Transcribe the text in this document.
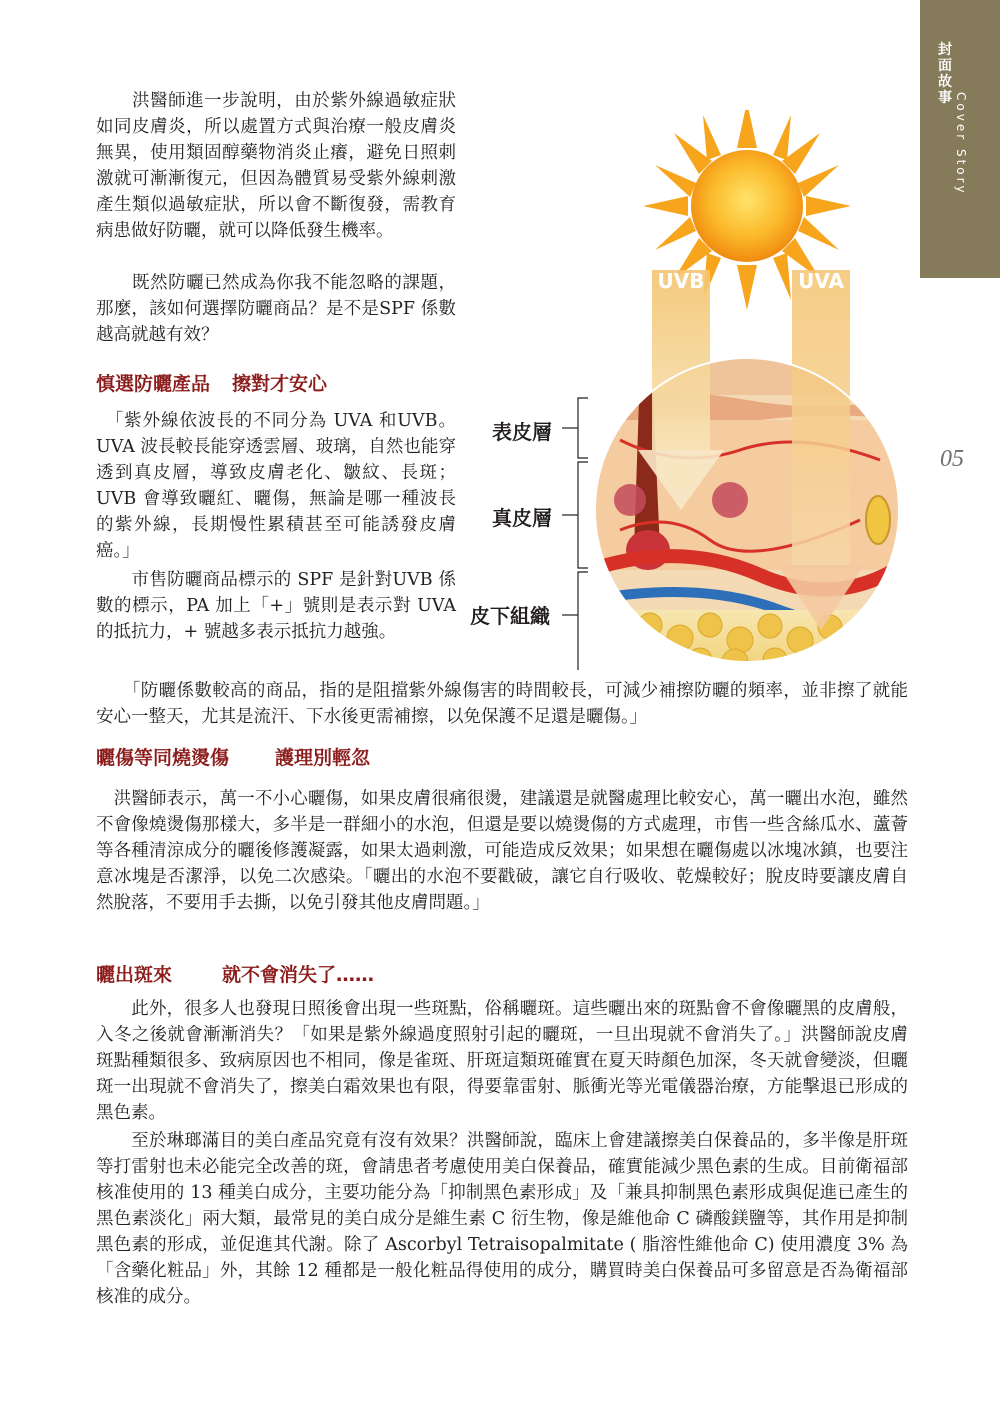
封面
故事 Cover Story
05

　　洪醫師進一步說明，由於紫外線過敏症狀如同皮膚炎，所以處置方式與治療一般皮膚炎無異，使用類固醇藥物消炎止癢，避免日照刺激就可漸漸復元，但因為體質易受紫外線刺激產生類似過敏症狀，所以會不斷復發，需教育病患做好防曬，就可以降低發生機率。

　　既然防曬已然成為你我不能忽略的課題，那麼，該如何選擇防曬商品？是不是SPF 係數越高就越有效？

慎選防曬產品 擦對才安心

　「紫外線依波長的不同分為 UVA 和UVB。UVA 波長較長能穿透雲層、玻璃，自然也能穿透到真皮層，導致皮膚老化、皺紋、長斑；UVB 會導致曬紅、曬傷，無論是哪一種波長的紫外線，長期慢性累積甚至可能誘發皮膚癌。」

　　市售防曬商品標示的 SPF 是針對UVB 係數的標示，PA 加上「+」號則是表示對 UVA 的抵抗力，+ 號越多表示抵抗力越強。

表皮層
真皮層
皮下組織
UVB	UVA

　　「防曬係數較高的商品，指的是阻擋紫外線傷害的時間較長，可減少補擦防曬的頻率，並非擦了就能安心一整天，尤其是流汗、下水後更需補擦，以免保護不足還是曬傷。」

曬傷等同燒燙傷 護理別輕忽

　洪醫師表示，萬一不小心曬傷，如果皮膚很痛很燙，建議還是就醫處理比較安心，萬一曬出水泡，雖然不會像燒燙傷那樣大，多半是一群細小的水泡，但還是要以燒燙傷的方式處理，市售一些含絲瓜水、蘆薈等各種清涼成分的曬後修護凝露，如果太過刺激，可能造成反效果；如果想在曬傷處以冰塊冰鎮，也要注意冰塊是否潔淨，以免二次感染。「曬出的水泡不要戳破，讓它自行吸收、乾燥較好；脫皮時要讓皮膚自然脫落，不要用手去撕，以免引發其他皮膚問題。」

曬出斑來	就不會消失了……

　　此外，很多人也發現日照後會出現一些斑點，俗稱曬斑。這些曬出來的斑點會不會像曬黑的皮膚般，入冬之後就會漸漸消失？「如果是紫外線過度照射引起的曬斑，一旦出現就不會消失了。」洪醫師說皮膚斑點種類很多、致病原因也不相同，像是雀斑、肝斑這類斑確實在夏天時顏色加深，冬天就會變淡，但曬斑一出現就不會消失了，擦美白霜效果也有限，得要靠雷射、脈衝光等光電儀器治療，方能擊退已形成的黑色素。

　　至於琳瑯滿目的美白產品究竟有沒有效果？洪醫師說，臨床上會建議擦美白保養品的，多半像是肝斑等打雷射也未必能完全改善的斑，會請患者考慮使用美白保養品，確實能減少黑色素的生成。目前衛福部核准使用的 13 種美白成分，主要功能分為「抑制黑色素形成」及「兼具抑制黑色素形成與促進已產生的黑色素淡化」兩大類，最常見的美白成分是維生素 C 衍生物，像是維他命 C 磷酸鎂鹽等，其作用是抑制黑色素的形成，並促進其代謝。除了 Ascorbyl Tetraisopalmitate ( 脂溶性維他命 C) 使用濃度 3% 為「含藥化粧品」外，其餘 12 種都是一般化粧品得使用的成分，購買時美白保養品可多留意是否為衛福部核准的成分。
